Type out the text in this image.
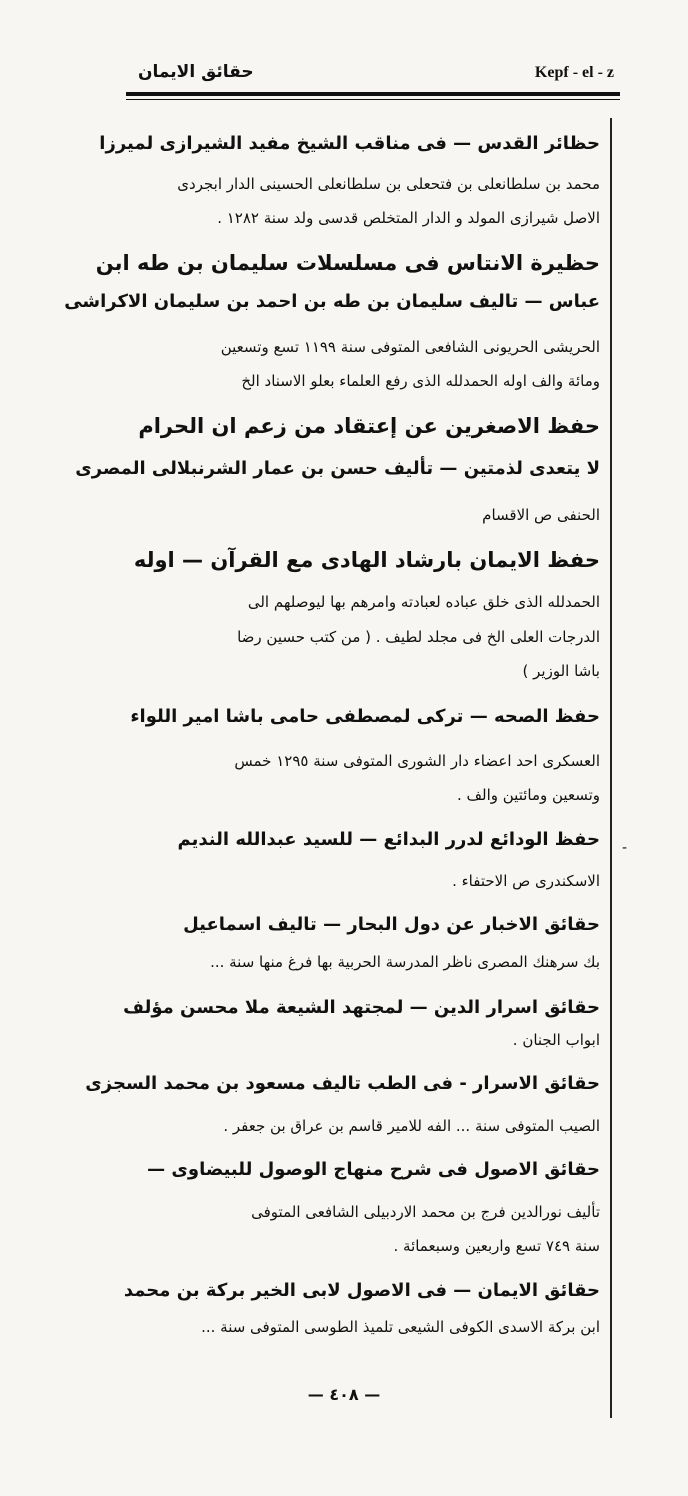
حقائق الايمان	Kepf - el - z
-
حظائر القدس — فى مناقب الشيخ مفيد الشيرازى لميرزا
محمد بن سلطانعلى بن فتحعلى بن سلطانعلى الحسينى الدار ابجردى
الاصل شيرازى المولد و الدار المتخلص قدسى ولد سنة ١٢٨٢ .
حظيرة الانتاس فى مسلسلات سليمان بن طه ابن
عباس — تاليف سليمان بن طه بن احمد بن سليمان الاكراشى
الحريشى الحريونى الشافعى المتوفى سنة ١١٩٩ تسع وتسعين
ومائة والف اوله الحمدلله الذى رفع العلماء بعلو الاسناد الخ
حفظ الاصغرين عن إعتقاد من زعم ان الحرام
لا يتعدى لذمتين — تأليف حسن بن عمار الشرنبلالى المصرى
الحنفى ص الاقسام
حفظ الايمان بارشاد الهادى مع القرآن — اوله
الحمدلله الذى خلق عباده لعبادته وامرهم بها ليوصلهم الى
الدرجات العلى الخ فى مجلد لطيف . ( من كتب حسين رضا
باشا الوزير )
حفظ الصحه — تركى لمصطفى حامى باشا امير اللواء
العسكرى احد اعضاء دار الشورى المتوفى سنة ١٢٩٥ خمس
وتسعين ومائتين والف .
حفظ الودائع لدرر البدائع — للسيد عبدالله النديم
الاسكندرى ص الاحتفاء .
حقائق الاخبار عن دول البحار — تاليف اسماعيل
بك سرهنك المصرى ناظر المدرسة الحربية بها فرغ منها سنة ...
حقائق اسرار الدين — لمجتهد الشيعة ملا محسن مؤلف
ابواب الجنان .
حقائق الاسرار - فى الطب تاليف مسعود بن محمد السجزى
الصيب المتوفى سنة ... الفه للامير قاسم بن عراق بن جعفر .
حقائق الاصول فى شرح منهاج الوصول للبيضاوى —
تأليف نورالدين فرج بن محمد الاردبيلى الشافعى المتوفى
سنة ٧٤٩ تسع واربعين وسبعمائة .
حقائق الايمان — فى الاصول لابى الخير بركة بن محمد
ابن بركة الاسدى الكوفى الشيعى تلميذ الطوسى المتوفى سنة ...
— ٤٠٨ —
